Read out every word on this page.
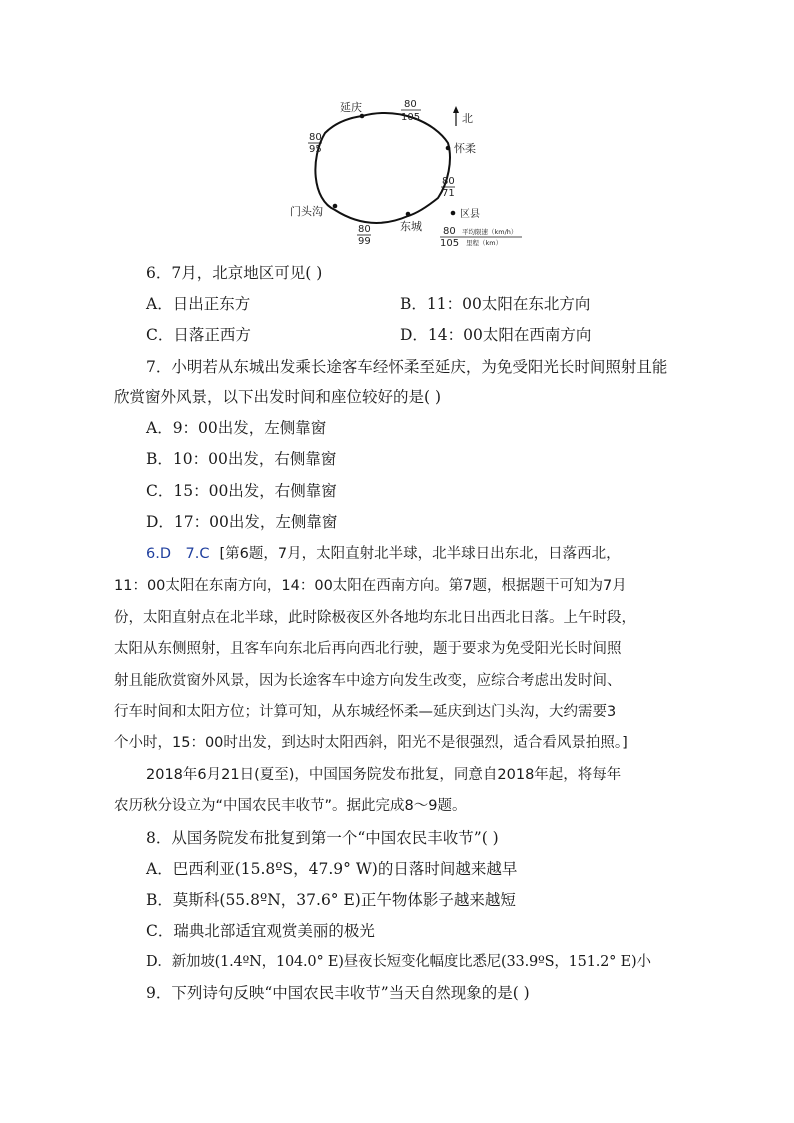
北
延庆
怀柔
东城
门头沟
80
105
80
71
80
99
80
95
区县
80
105
平均限速（km/h）
里程（km）
6．7月，北京地区可见( )
A．日出正东方	B．11：00太阳在东北方向
C．日落正西方	D．14：00太阳在西南方向
7．小明若从东城出发乘长途客车经怀柔至延庆，为免受阳光长时间照射且能
欣赏窗外风景，以下出发时间和座位较好的是( )
A．9：00出发，左侧靠窗
B．10：00出发，右侧靠窗
C．15：00出发，右侧靠窗
D．17：00出发，左侧靠窗
6.D　7.C [第6题，7月，太阳直射北半球，北半球日出东北，日落西北，
11：00太阳在东南方向，14：00太阳在西南方向。第7题，根据题干可知为7月
份，太阳直射点在北半球，此时除极夜区外各地均东北日出西北日落。上午时段，
太阳从东侧照射，且客车向东北后再向西北行驶，题于要求为免受阳光长时间照
射且能欣赏窗外风景，因为长途客车中途方向发生改变，应综合考虑出发时间、
行车时间和太阳方位；计算可知，从东城经怀柔—延庆到达门头沟，大约需要3
个小时，15：00时出发，到达时太阳西斜，阳光不是很强烈，适合看风景拍照。]
2018年6月21日(夏至)，中国国务院发布批复，同意自2018年起，将每年
农历秋分设立为“中国农民丰收节”。据此完成8～9题。
8．从国务院发布批复到第一个“中国农民丰收节”( )
A．巴西利亚(15.8ºS，47.9° W)的日落时间越来越早
B．莫斯科(55.8ºN，37.6° E)正午物体影子越来越短
C．瑞典北部适宜观赏美丽的极光
D．新加坡(1.4ºN，104.0° E)昼夜长短变化幅度比悉尼(33.9ºS，151.2° E)小
9．下列诗句反映“中国农民丰收节”当天自然现象的是( )
